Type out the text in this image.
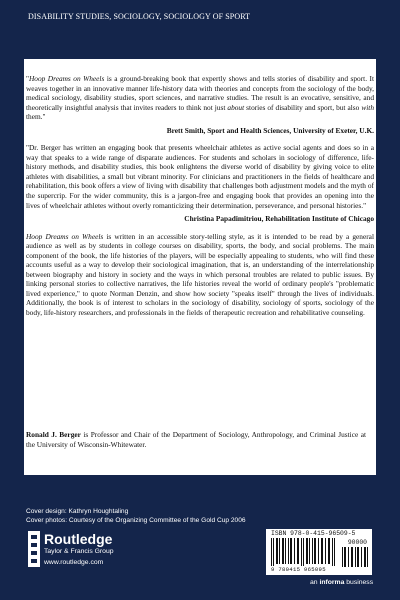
DISABILITY STUDIES, SOCIOLOGY, SOCIOLOGY OF SPORT

"Hoop Dreams on Wheels is a ground-breaking book that expertly shows and tells stories of disability and sport. It weaves together in an innovative manner life-history data with theories and concepts from the sociology of the body, medical sociology, disability studies, sport sciences, and narrative studies. The result is an evocative, sensitive, and theoretically insightful analysis that invites readers to think not just about stories of disability and sport, but also with them."

Brett Smith, Sport and Health Sciences, University of Exeter, U.K.

"Dr. Berger has written an engaging book that presents wheelchair athletes as active social agents and does so in a way that speaks to a wide range of disparate audiences. For students and scholars in sociology of difference, life-history methods, and disability studies, this book enlightens the diverse world of disability by giving voice to elite athletes with disabilities, a small but vibrant minority. For clinicians and practitioners in the fields of healthcare and rehabilitation, this book offers a view of living with disability that challenges both adjustment models and the myth of the supercrip. For the wider community, this is a jargon-free and engaging book that provides an opening into the lives of wheelchair athletes without overly romanticizing their determination, perseverance, and personal histories."

Christina Papadimitriou, Rehabilitation Institute of Chicago

Hoop Dreams on Wheels is written in an accessible story-telling style, as it is intended to be read by a general audience as well as by students in college courses on disability, sports, the body, and social problems. The main component of the book, the life histories of the players, will be especially appealing to students, who will find these accounts useful as a way to develop their sociological imagination, that is, an understanding of the interrelationship between biography and history in society and the ways in which personal troubles are related to public issues. By linking personal stories to collective narratives, the life histories reveal the world of ordinary people's "problematic lived experience," to quote Norman Denzin, and show how society "speaks itself" through the lives of individuals. Additionally, the book is of interest to scholars in the sociology of disability, sociology of sports, sociology of the body, life-history researchers, and professionals in the fields of therapeutic recreation and rehabilitative counseling.

Ronald J. Berger is Professor and Chair of the Department of Sociology, Anthropology, and Criminal Justice at the University of Wisconsin-Whitewater.
Cover design: Kathryn Houghtaling
Cover photos: Courtesy of the Organizing Committee of the Gold Cup 2006
Routledge
Taylor & Francis Group
www.routledge.com
ISBN 978-0-415-96509-5
90000
9 780415 965095
an informa business
